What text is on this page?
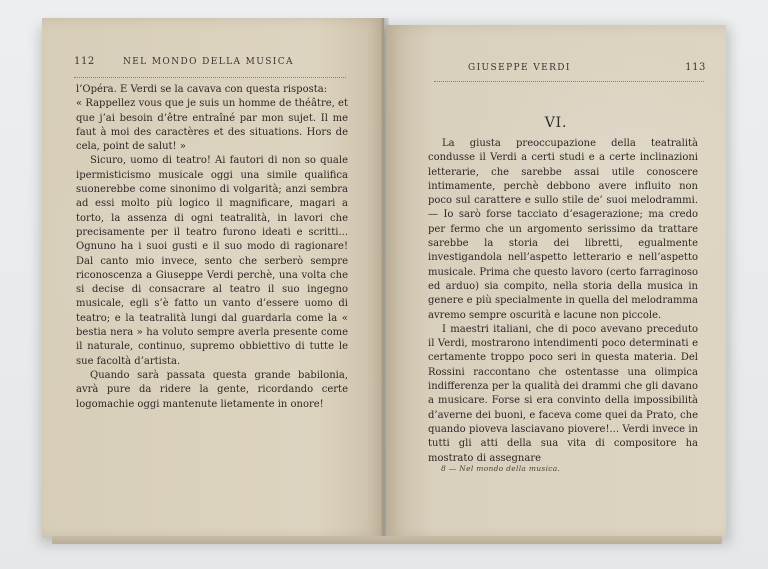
112	NEL MONDO DELLA MUSICA

l’Opéra. E Verdi se la cavava con questa risposta:

« Rappellez vous que je suis un homme de théâtre, et que j’ai besoin d’être entraîné par mon sujet. Il me faut à moi des caractères et des situations. Hors de cela, point de salut! »

Sicuro, uomo di teatro! Ai fautori di non so quale ipermisticismo musicale oggi una simile qualifica suonerebbe come sinonimo di volgarità; anzi sembra ad essi molto più logico il magnificare, magari a torto, la assenza di ogni teatralità, in lavori che precisamente per il teatro furono ideati e scritti... Ognuno ha i suoi gusti e il suo modo di ragionare! Dal canto mio invece, sento che serberò sempre riconoscenza a Giuseppe Verdi perchè, una volta che si decise di consacrare al teatro il suo ingegno musicale, egli s’è fatto un vanto d’essere uomo di teatro; e la teatralità lungi dal guardarla come la « bestia nera » ha voluto sempre averla presente come il naturale, continuo, supremo obbiettivo di tutte le sue facoltà d’artista.

Quando sarà passata questa grande babilonia, avrà pure da ridere la gente, ricordando certe logomachie oggi mantenute lietamente in onore!

GIUSEPPE VERDI	113
VI.

La giusta preoccupazione della teatralità condusse il Verdi a certi studi e a certe inclinazioni letterarie, che sarebbe assai utile conoscere intimamente, perchè debbono avere influito non poco sul carattere e sullo stile de’ suoi melodrammi. — Io sarò forse tacciato d’esagerazione; ma credo per fermo che un argomento serissimo da trattare sarebbe la storia dei libretti, egualmente investigandola nell’aspetto letterario e nell’aspetto musicale. Prima che questo lavoro (certo farraginoso ed arduo) sia compito, nella storia della musica in genere e più specialmente in quella del melodramma avremo sempre oscurità e lacune non piccole.

I maestri italiani, che di poco avevano preceduto il Verdi, mostrarono intendimenti poco determinati e certamente troppo poco seri in questa materia. Del Rossini raccontano che ostentasse una olimpica indifferenza per la qualità dei drammi che gli davano a musicare. Forse si era convinto della impossibilità d’averne dei buoni, e faceva come quei da Prato, che quando pioveva lasciavano piovere!... Verdi invece in tutti gli atti della sua vita di compositore ha mostrato di assegnare

8 — Nel mondo della musica.
